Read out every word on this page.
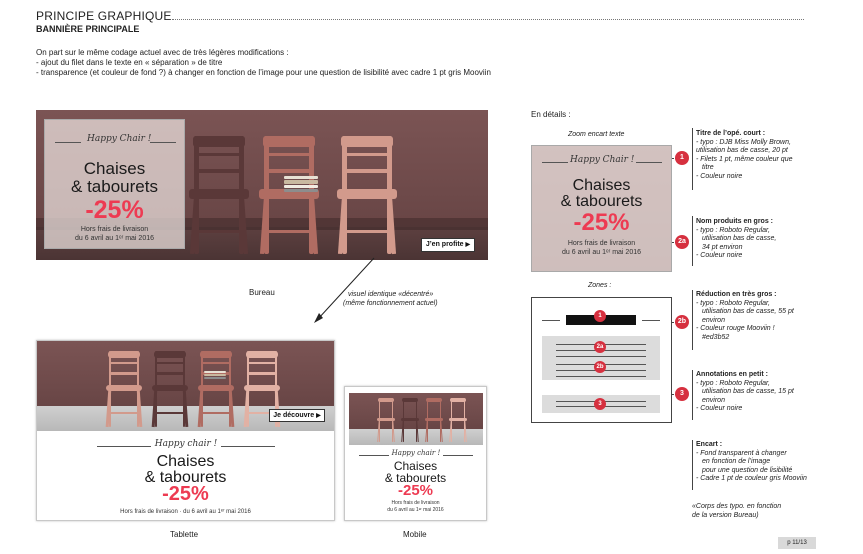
PRINCIPE GRAPHIQUE
BANNIÈRE PRINCIPALE
On part sur le même codage actuel avec de très légères modifications :
- ajout du filet dans le texte en « séparation » de titre
- transparence (et couleur de fond ?) à changer en fonction de l’image pour une question de lisibilité avec cadre 1 pt gris Mooviin
Happy Chair !
Chaises
& tabourets
-25%
Hors frais de livraison
du 6 avril au 1ᵉʳ mai 2016
J’en profite ▶
Bureau	visuel identique «décentré»
(même fonctionnement actuel)
Je découvre ▶
Happy chair !
Chaises
& tabourets
-25%
Hors frais de livraison · du 6 avril au 1ᵉʳ mai 2016
Tablette
Happy chair !
Chaises
& tabourets
-25%
Hors frais de livraison
du 6 avril au 1ᵉʳ mai 2016
Mobile
En détails :
Zoom encart texte
Happy Chair !
Chaises
& tabourets
-25%
Hors frais de livraison
du 6 avril au 1ᵉʳ mai 2016
Zones :
1
2a
2b
3
1
2a
2b
3
Titre de l’opé. court :
- typo : DJB Miss Molly Brown,
utilisation bas de casse, 20 pt
- Filets 1 pt, même couleur que
titre
- Couleur noire
Nom produits en gros :
- typo : Roboto Regular,
utilisation bas de casse,
34 pt environ
- Couleur noire
Réduction en très gros :
- typo : Roboto Regular,
utilisation bas de casse, 55 pt
environ
- Couleur rouge Mooviin !
#ed3b52
Annotations en petit :
- typo : Roboto Regular,
utilisation bas de casse, 15 pt
environ
- Couleur noire
Encart :
- Fond transparent à changer
en fonction de l’image
pour une question de lisibilité
- Cadre 1 pt de couleur gris Mooviin
«Corps des typo. en fonction
de la version Bureau)
p 11/13
